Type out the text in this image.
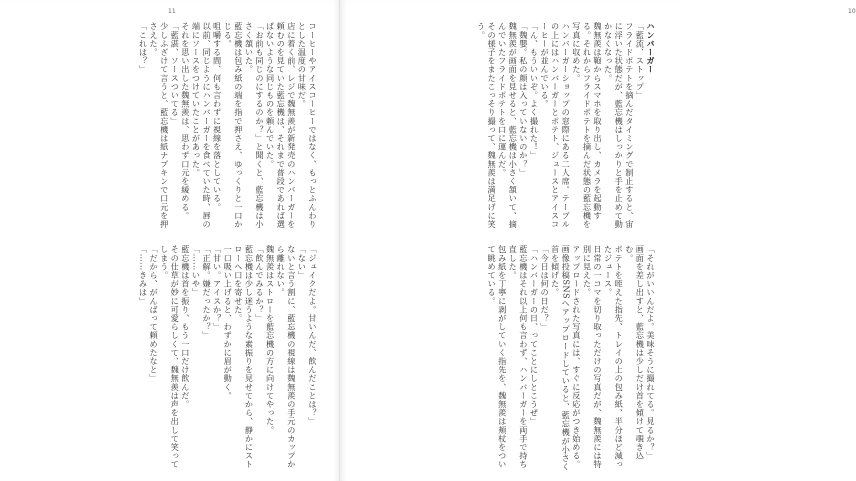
11

コーヒーやアイスコーヒーではなく、もっとふんわりとした温度の甘味だ。

店に着く前、レジで魏無羨が新発売のハンバーガーを頼むのを見ていた藍忘機は、それまで普段であれば選ばないような同じものを頼んでいた。

「お前も同じのにするのか？」と聞くと、藍忘機は小さく頷いた。

藍忘機は包み紙の端を指で押さえ、ゆっくりと一口かじる。

咀嚼する間、何も言わずに視線を落としている。

以前、同じようにハンバーガーを食べていた時、唇の端にソースをつけていたことがあった。

それを思い出した魏無羨は、思わず口元を緩める。

「藍湛、ソースついてる」

少しふざけて言うと、藍忘機は紙ナプキンで口元を押さえた。

「これは？」

「ジュイクだよ。甘いんだ、飲んだことは？」

「ない」

ないと言う割に、藍忘機の視線は魏無羨の手元のカップから離れない。

魏無羨はストローを藍忘機の方に向けてやった。

「飲んでみるか？」

藍忘機は少し迷うような素振りを見せてから、静かにストローへ口を寄せた。

一口吸い上げると、わずかに眉が動く。

「甘い。アイスか？」

「正解。嫌だったか？」

「……いや」

藍忘機は首を振り、もう一口だけ飲んだ。

その仕草が妙に可愛らしくて、魏無羨は声を出して笑ってしまう。

「だから、がんばって頼めたなと」

「……きみは」

10

ハンバーガー

「藍流、ストップ」

フライドポテトを摘んだタイミングで制止すると、宙に浮いた状態だが、藍忘機はしっかりと手を止めて動かなくなった。

魏無羨は鞄からスマホを取り出し、カメラを起動する。それからフライドポテトを摘んだ状態の藍忘機を写真に収めた。

ハンバーガーショップの窓際にある二人席。テーブルの上にはハンバーガーとポテト、ジュースとアイスコーヒーが並んでいる。

「ん、もういいぞ。よく撮れた！」

「魏嬰。私の顔は入っていないのか？」

魏無羨が画面を見せると、藍忘機は小さく頷いて、摘んでいたフライドポテトを口に運んだ。

その様子をまたこっそり撮って、魏無羨は満足げに笑う。

「それがいいんだよ。美味そうに撮れてる。見るか？」

画面を差し出すと、藍忘機は少しだけ首を傾けて覗き込む。

ポテトを咥えた指先、トレイの上の包み紙、半分ほど減ったジュース。

日常の一コマを切り取っただけの写真だが、魏無羨には特別に見えた。

アップロードされた写真には、すぐに反応がつき始める。

画像投稿SNSへアップロードしていると、藍忘機が小さく首を傾げた。

「今日は何の日だ？」

「ハンバーガーの日、ってことにしとこうぜ」

藍忘機はそれ以上何も言わず、ハンバーガーを両手で持ち直した。

包み紙を丁寧に剥がしていく指先を、魏無羨は頬杖をついて眺めている。
